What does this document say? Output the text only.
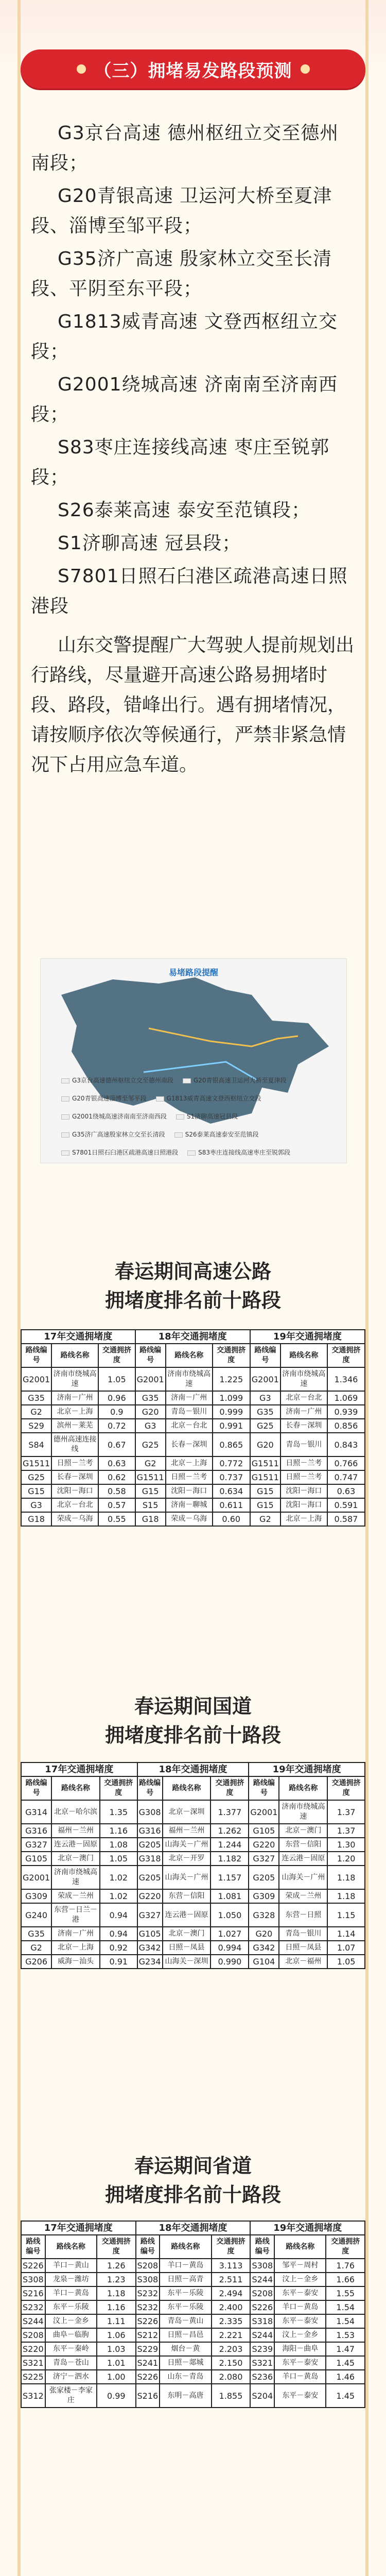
（三）拥堵易发路段预测

G3京台高速 德州枢纽立交至德州南段；

G20青银高速 卫运河大桥至夏津段、淄博至邹平段；

G35济广高速 殷家林立交至长清段、平阴至东平段；

G1813威青高速 文登西枢纽立交段；

G2001绕城高速 济南南至济南西段；

S83枣庄连接线高速 枣庄至锐郭段；

S26泰莱高速 泰安至范镇段；

S1济聊高速 冠县段；

S7801日照石臼港区疏港高速日照港段

山东交警提醒广大驾驶人提前规划出行路线，尽量避开高速公路易拥堵时段、路段，错峰出行。遇有拥堵情况，请按顺序依次等候通行，严禁非紧急情况下占用应急车道。

易堵路段提醒
G3京台高速德州枢纽立交至德州南段	G20青银高速卫运河大桥至夏津段
G20青银高速淄博至邹平段	G1813威青高速文登西枢纽立交段
G2001绕城高速济南南至济南西段	S1济聊高速冠县段
G35济广高速殷家林立交至长清段	S26泰莱高速泰安至范镇段
S7801日照石臼港区疏港高速日照港段	S83枣庄连接线高速枣庄至锐郭段
春运期间高速公路
拥堵度排名前十路段
17年交通拥堵度			18年交通拥堵度			19年交通拥堵度		
路线编号	路线名称	交通拥挤度	路线编号	路线名称	交通拥挤度	路线编号	路线名称	交通拥挤度
G2001	济南市绕城高速	1.05	G2001	济南市绕城高速	1.225	G2001	济南市绕城高速	1.346
G35	济南－广州	0.96	G35	济南－广州	1.099	G3	北京－台北	1.069
G2	北京－上海	0.9	G20	青岛－银川	0.999	G35	济南－广州	0.939
S29	滨州－莱芜	0.72	G3	北京－台北	0.991	G25	长春－深圳	0.856
S84	德州高速连接线	0.67	G25	长春－深圳	0.865	G20	青岛－银川	0.843
G1511	日照－兰考	0.63	G2	北京－上海	0.772	G1511	日照－兰考	0.766
G25	长春－深圳	0.62	G1511	日照－兰考	0.737	G1511	日照－兰考	0.747
G15	沈阳－海口	0.58	G15	沈阳－海口	0.634	G15	沈阳－海口	0.63
G3	北京－台北	0.57	S15	济南－聊城	0.611	G15	沈阳－海口	0.591
G18	荣成－乌海	0.55	G18	荣成－乌海	0.60	G2	北京－上海	0.587
春运期间国道
拥堵度排名前十路段
17年交通拥堵度			18年交通拥堵度			19年交通拥堵度		
路线编号	路线名称	交通拥挤度	路线编号	路线名称	交通拥挤度	路线编号	路线名称	交通拥挤度
G314	北京－哈尔滨	1.35	G308	北京－深圳	1.377	G2001	济南市绕城高速	1.37
G316	福州－兰州	1.16	G316	福州－兰州	1.262	G105	北京－澳门	1.37
G327	连云港－固原	1.08	G205	山海关－广州	1.244	G220	东营－信阳	1.30
G105	北京－澳门	1.05	G318	北京－开罗	1.182	G327	连云港－固原	1.20
G2001	济南市绕城高速	1.02	G205	山海关－广州	1.157	G205	山海关－广州	1.18
G309	荣成－兰州	1.02	G220	东营－信阳	1.081	G309	荣成－兰州	1.18
G240	东营－日兰－港	0.94	G327	连云港－固原	1.050	G328	东营－日照	1.15
G35	济南－广州	0.94	G105	北京－澳门	1.027	G20	青岛－银川	1.14
G2	北京－上海	0.92	G342	日照－凤县	0.994	G342	日照－凤县	1.07
G206	威海－汕头	0.91	G234	山海关－深圳	0.990	G104	北京－福州	1.05
春运期间省道
拥堵度排名前十路段
17年交通拥堵度			18年交通拥堵度			19年交通拥堵度		
路线编号	路线名称	交通拥挤度	路线编号	路线名称	交通拥挤度	路线编号	路线名称	交通拥挤度
S226	羊口－黄山	1.26	S208	羊口－黄岛	3.113	S308	邹平－周村	1.76
S308	龙泉－潍坊	1.23	S308	日照－高青	2.511	S244	汶上－金乡	1.66
S216	羊口－黄岛	1.18	S232	东平－乐陵	2.494	S208	东平－泰安	1.55
S232	东平－乐陵	1.16	S232	东平－乐陵	2.400	S226	羊口－黄岛	1.54
S244	汶上－金乡	1.11	S226	青岛－黄山	2.335	S318	东平－泰安	1.54
S208	曲阜－临朐	1.06	S212	日照－昌邑	2.221	S244	汶上－金乡	1.53
S220	东平－秦岭	1.03	S229	烟台－黄	2.203	S239	海阳－曲阜	1.47
S321	青岛－苍山	1.01	S241	日照－郯城	2.150	S321	东平－泰安	1.45
S225	济宁－泗水	1.00	S226	山东－青岛	2.080	S236	羊口－黄岛	1.46
S312	张家楼－李家庄	0.99	S216	东明－高唐	1.855	S204	东平－泰安	1.45
